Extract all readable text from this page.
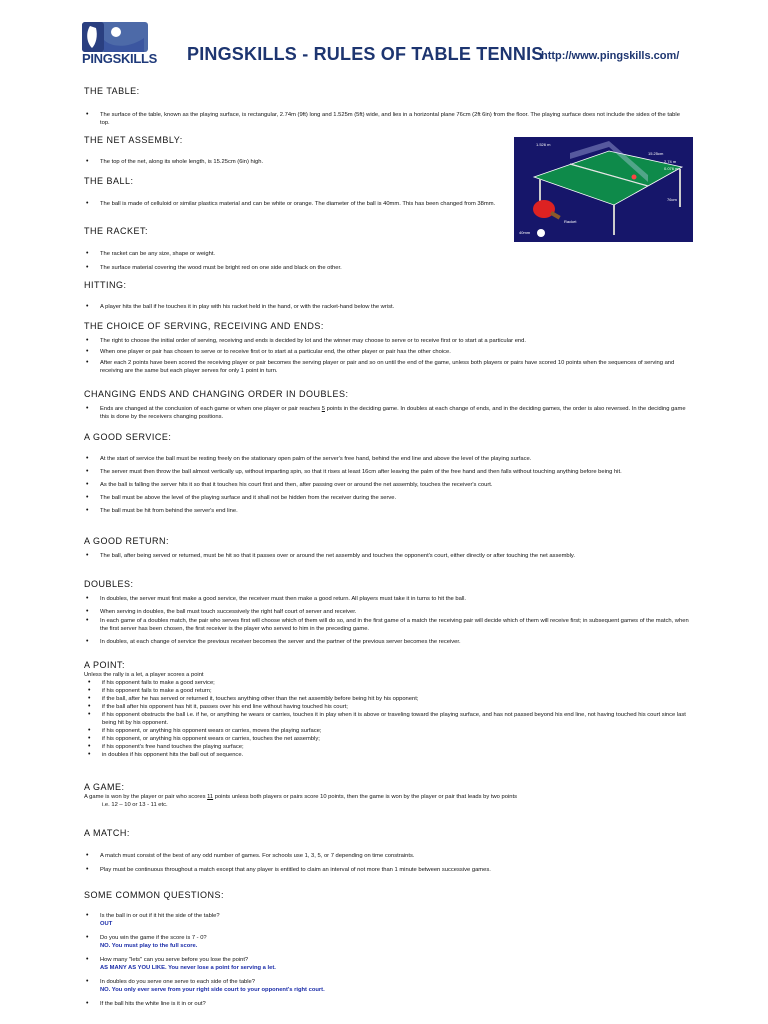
PINGSKILLS PINGSKILLS - RULES OF TABLE TENNIS
http://www.pingskills.com/
1.526 m
15.25cm
2.74 m
0.076 m
76cm
Racket
40mm

THE TABLE:

• The surface of the table, known as the playing surface, is rectangular, 2.74m (9ft) long and 1.525m (5ft) wide, and lies in a horizontal plane 76cm (2ft 6in) from the floor. The playing surface does not include the sides of the table top.

THE NET ASSEMBLY:

• The top of the net, along its whole length, is 15.25cm (6in) high.

THE BALL:

• The ball is made of celluloid or similar plastics material and can be white or orange. The diameter of the ball is 40mm. This has been changed from 38mm.

THE RACKET:

• The racket can be any size, shape or weight.
• The surface material covering the wood must be bright red on one side and black on the other.

HITTING:

• A player hits the ball if he touches it in play with his racket held in the hand, or with the racket-hand below the wrist.

THE CHOICE OF SERVING, RECEIVING AND ENDS:

• The right to choose the initial order of serving, receiving and ends is decided by lot and the winner may choose to serve or to receive first or to start at a particular end.
• When one player or pair has chosen to serve or to receive first or to start at a particular end, the other player or pair has the other choice.
• After each 2 points have been scored the receiving player or pair becomes the serving player or pair and so on until the end of the game, unless both players or pairs have scored 10 points when the sequences of serving and receiving are the same but each player serves for only 1 point in turn.

CHANGING ENDS AND CHANGING ORDER IN DOUBLES:

• Ends are changed at the conclusion of each game or when one player or pair reaches 5 points in the deciding game. In doubles at each change of ends, and in the deciding games, the order is also reversed. In the deciding game this is done by the receivers changing positions.

A GOOD SERVICE:

• At the start of service the ball must be resting freely on the stationary open palm of the server's free hand, behind the end line and above the level of the playing surface.
• The server must then throw the ball almost vertically up, without imparting spin, so that it rises at least 16cm after leaving the palm of the free hand and then falls without touching anything before being hit.
• As the ball is falling the server hits it so that it touches his court first and then, after passing over or around the net assembly, touches the receiver's court.
• The ball must be above the level of the playing surface and it shall not be hidden from the receiver during the serve.
• The ball must be hit from behind the server's end line.

A GOOD RETURN:

• The ball, after being served or returned, must be hit so that it passes over or around the net assembly and touches the opponent's court, either directly or after touching the net assembly.

DOUBLES:

• In doubles, the server must first make a good service, the receiver must then make a good return. All players must take it in turns to hit the ball.
• When serving in doubles, the ball must touch successively the right half court of server and receiver.
• In each game of a doubles match, the pair who serves first will choose which of them will do so, and in the first game of a match the receiving pair will decide which of them will receive first; in subsequent games of the match, when the first server has been chosen, the first receiver is the player who served to him in the preceding game.
• In doubles, at each change of service the previous receiver becomes the server and the partner of the previous server becomes the receiver.

A POINT:

Unless the rally is a let, a player scores a point
• if his opponent fails to make a good service;
• if his opponent fails to make a good return;
• if the ball, after he has served or returned it, touches anything other than the net assembly before being hit by his opponent;
• if the ball after his opponent has hit it, passes over his end line without having touched his court;
• if his opponent obstructs the ball i.e. if he, or anything he wears or carries, touches it in play when it is above or traveling toward the playing surface, and has not passed beyond his end line, not having touched his court since last being hit by his opponent.
• if his opponent, or anything his opponent wears or carries, moves the playing surface;
• if his opponent, or anything his opponent wears or carries, touches the net assembly;
• if his opponent's free hand touches the playing surface;
• in doubles if his opponent hits the ball out of sequence.

A GAME:

A game is won by the player or pair who scores 11 points unless both players or pairs score 10 points, then the game is won by the player or pair that leads by two points
i.e. 12 – 10 or 13 - 11 etc.

A MATCH:

• A match must consist of the best of any odd number of games. For schools use 1, 3, 5, or 7 depending on time constraints.
• Play must be continuous throughout a match except that any player is entitled to claim an interval of not more than 1 minute between successive games.

SOME COMMON QUESTIONS:

• Is the ball in or out if it hit the side of the table?
OUT
• Do you win the game if the score is 7 - 0?
NO. You must play to the full score.
• How many "lets" can you serve before you lose the point?
AS MANY AS YOU LIKE. You never lose a point for serving a let.
• In doubles do you serve one serve to each side of the table?
NO. You only ever serve from your right side court to your opponent's right court.
• If the ball hits the white line is it in or out?
